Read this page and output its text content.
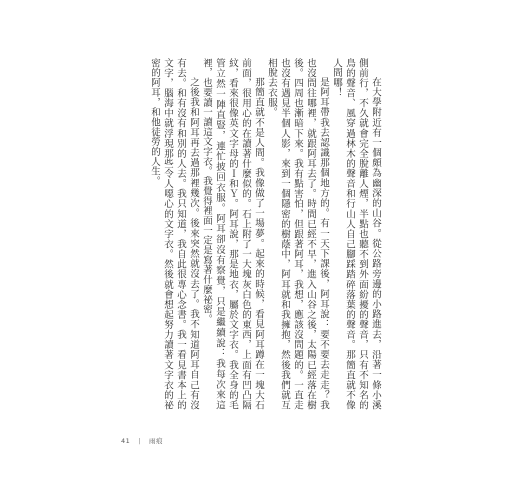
在大學附近有一個頗為幽深的山谷。從公路旁邊的小路進去，沿著一條小溪側前行，不久就會完全脫離人煙，半點也聽不到外面紛擾的聲音，只有不知名的鳥的聲音、風穿過林木的聲音和行山人自己腳踩踏碎落葉的聲音。那簡直就不像人間哪！

是阿耳帶我去認識那個地方的。有一天下課後，阿耳說：要不要去走走？我也沒問往哪裡，就跟阿耳去了。時間已經不早，進入山谷之後，太陽已經落在樹後。四周也漸暗下來。我有點害怕，但跟著阿耳，我想，應該沒問題的。一直走也沒有遇見半個人影，來到一個隱密的樹蔭中，阿耳就和我擁抱，然後我們就互相脫去衣服。

那簡直就不是人間。我像做了一場夢。起來的時候，看見阿耳蹲在一塊大石前面，很用心的在讀著什麼似的。石上附了一大塊灰白色的東西，上面有凹凸隔紋，看來很像英文字母的Ｉ和Ｙ。阿耳說，那是地衣，屬於文字衣。我全身的毛管立然一陣直豎，連忙披回衣服。阿耳卻沒有察覺，只是繼續說：我每次來這裡，也要讀一讀這文字衣。我覺得裡面一定是寫著什麼祕密。

之後我和阿耳再去過那裡幾次。後來突然就沒去了。我不知道阿耳自己有沒有去。和有沒有和別的人去。我只知道，我自此很專心念書。我一看見書本上的文字，腦海中就浮現那些令人噁心的文字衣。然後就會想起努力讀著文字衣的祕密的阿耳，和他徒勞的人生。

41 | 雨痕
